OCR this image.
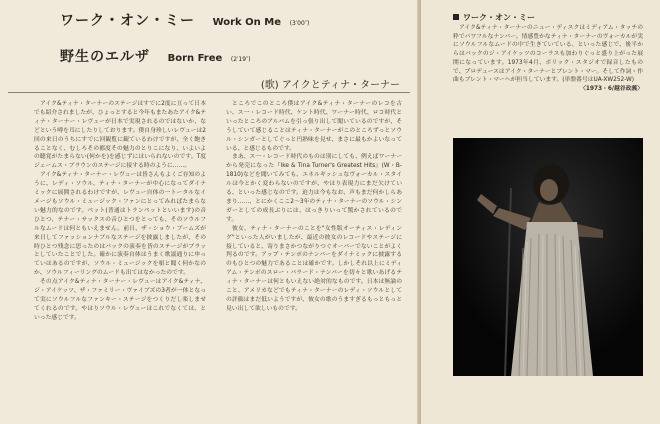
ワーク・オン・ミー Work On Me (3′00″)
野生のエルザ Born Free (2′19″)
(歌) アイクとティナ・ターナー

アイク&ティナ・ターナーのステージはすでに2度に亘って日本でも紹介されましたが、ひょっとすると今年もまたあたアイク&ティナ・ターナー・レヴューが日本で実現されるのではないか、などという噂を耳にしたりしております。僕自身珍しいレヴューは2回の来日のうちにすでに回観覧に観ているわけですが、全く飽きることなく、むしろその都度その魅力のとりこになり、いよいよの聴覚がたまらない(何かを)を感じずにはいられないのです。T度ジェームス・ブラウンのステージに接する時のように……。

アイク&ティナ・ターナー・レヴューは皆さんもよくご存知のように、レディ・ソウル、ティナ・ターナーが中心になってダイナミックに展開されるわけですが、レヴュー自体の一トータルなイメージもソウル・ミュージック・ファンにとってみればたまらない魅力的なのです。ペット(普通はトランペットといいます)の音ひとつ、テナー・サックスの音ひとつをとっても、そのソウルフルなムードは何ともいえません。前日、ザ・ショウ・ブームズが来日してファッションナブルなステージを披露しましたが、その時ひとつ残念に思ったのはバックの演奏を皆のステージがブラッとしていたことでした。確かに演奏自体はうまく歌謡通りに申っていはあるのですが、ソウル・ミュージックを唄と聞く何かなのか、ソウルフィーリングのムードも出てはなかったのです。

その点アイク&ティナ・ターナー・レヴューはアイク&ティナ、ジ・アイケッツ、ザ・ファミリー・ヴァイブズの3者が一体となって実にソウルフルなファンキー・ステージをつくりだし楽しませてくれるのです。やはりソウル・レヴューはこれでなくては、といった感じです。

ところでこのところ僕はアイク&ティナ・ターナーのレコを古い、ス一・レコード時代、ケント時代、ワーナー時代、ロコ時代といったところのアルバムを引っ張り出して聞いているのですが、そうしていて感じることはティナ・ターナーがこのところずっとソウル・シンガーとしてぐっと円熟味を見せ、まさに最もかよいなっている、と感じるものです。

まあ、ス一・レコード時代のものは別にしても、例えばワーナーから発売になった『Ike & Tina Turner's Greatest Hits』(W・B-1810)などを聞いてみても、エネルギッシュなヴォーカル・スタイルは今とかく変わらないのですが、やはり表現力にまだ欠けている、といった感じなのです。迫力は今もなお、声もまだ何かしらあまり……、とにかくここ2〜3年のティナ・ターナーのソウル・シンガーとしての成長ぶりには、はっきりいって驚かされているのです。

彼女、ティナ・ターナーのことを"女性版オーティス・レディング"といった人がいましたが、最近の彼女のレコードやステージに接していると、寄りまさかつながりつぐオーバーでないことがよく判るのです。アップ・テンポのナンバーをダイナミックに披露するのもひとつの魅力であることは確かです。しかしそれ以上にミディアム・テンポのスロー・バラード・ナンバーを切々と歌いあげるティナ・ターナーは何ともいえない絶対的なものです。日本は無論のこと、アメリカなどでもティナ・ターナーのレディ・ソウルとしての評価はまだ低いようですが、彼女の歌のうますぎるもっともっと見い出して欲しいものです。

ワーク・オン・ミー

アイク&ティナ・ターナーのニュー・ディスクはミディアム・タッチの粋でパワフルなナンバー。情感豊かなティナ・ターナーのヴォーカルが実にソウルフルなムードの中で生きていている、といった感じで、後半からはバックのジ・アイケッツのコーラスも加わりぐっと盛り上がった展開になっています。1973年4月、ボリック・スタジオで録音したもので、プロデュースはアイク・ターナーとブレント・マー。そして作詞・作曲もブレント・マーへが担当しています。(単盤番号はUA-XW252-W)

〈1973・6/越谷政義〉
